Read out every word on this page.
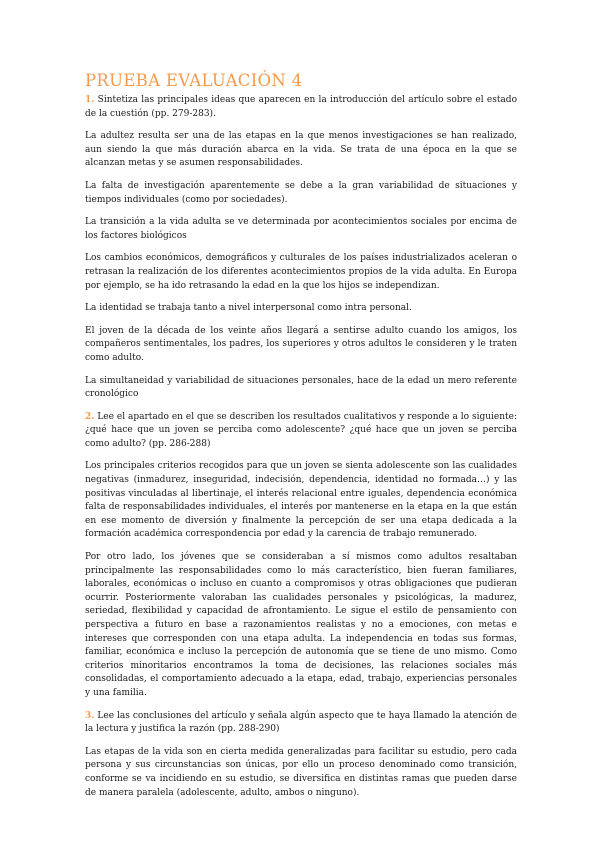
PRUEBA EVALUACIÓN 4

1. Sintetiza las principales ideas que aparecen en la introducción del artículo sobre el estado de la cuestión (pp. 279-283).

La adultez resulta ser una de las etapas en la que menos investigaciones se han realizado, aun siendo la que más duración abarca en la vida. Se trata de una época en la que se alcanzan metas y se asumen responsabilidades.

La falta de investigación aparentemente se debe a la gran variabilidad de situaciones y tiempos individuales (como por sociedades).

La transición a la vida adulta se ve determinada por acontecimientos sociales por encima de los factores biológicos

Los cambios económicos, demográficos y culturales de los países industrializados aceleran o retrasan la realización de los diferentes acontecimientos propios de la vida adulta. En Europa por ejemplo, se ha ido retrasando la edad en la que los hijos se independizan.

La identidad se trabaja tanto a nivel interpersonal como intra personal.

El joven de la década de los veinte años llegará a sentirse adulto cuando los amigos, los compañeros sentimentales, los padres, los superiores y otros adultos le consideren y le traten como adulto.

La simultaneidad y variabilidad de situaciones personales, hace de la edad un mero referente cronológico

2. Lee el apartado en el que se describen los resultados cualitativos y responde a lo siguiente: ¿qué hace que un joven se perciba como adolescente? ¿qué hace que un joven se perciba como adulto? (pp. 286-288)

Los principales criterios recogidos para que un joven se sienta adolescente son las cualidades negativas (inmadurez, inseguridad, indecisión, dependencia, identidad no formada…) y las positivas vinculadas al libertinaje, el interés relacional entre iguales, dependencia económica falta de responsabilidades individuales, el interés por mantenerse en la etapa en la que están en ese momento de diversión y finalmente la percepción de ser una etapa dedicada a la formación académica correspondencia por edad y la carencia de trabajo remunerado.

Por otro lado, los jóvenes que se consideraban a sí mismos como adultos resaltaban principalmente las responsabilidades como lo más característico, bien fueran familiares, laborales, económicas o incluso en cuanto a compromisos y otras obligaciones que pudieran ocurrir. Posteriormente valoraban las cualidades personales y psicológicas, la madurez, seriedad, flexibilidad y capacidad de afrontamiento. Le sigue el estilo de pensamiento con perspectiva a futuro en base a razonamientos realistas y no a emociones, con metas e intereses que corresponden con una etapa adulta. La independencia en todas sus formas, familiar, económica e incluso la percepción de autonomía que se tiene de uno mismo. Como criterios minoritarios encontramos la toma de decisiones, las relaciones sociales más consolidadas, el comportamiento adecuado a la etapa, edad, trabajo, experiencias personales y una familia.

3. Lee las conclusiones del artículo y señala algún aspecto que te haya llamado la atención de la lectura y justifica la razón (pp. 288-290)

Las etapas de la vida son en cierta medida generalizadas para facilitar su estudio, pero cada persona y sus circunstancias son únicas, por ello un proceso denominado como transición, conforme se va incidiendo en su estudio, se diversifica en distintas ramas que pueden darse de manera paralela (adolescente, adulto, ambos o ninguno).
